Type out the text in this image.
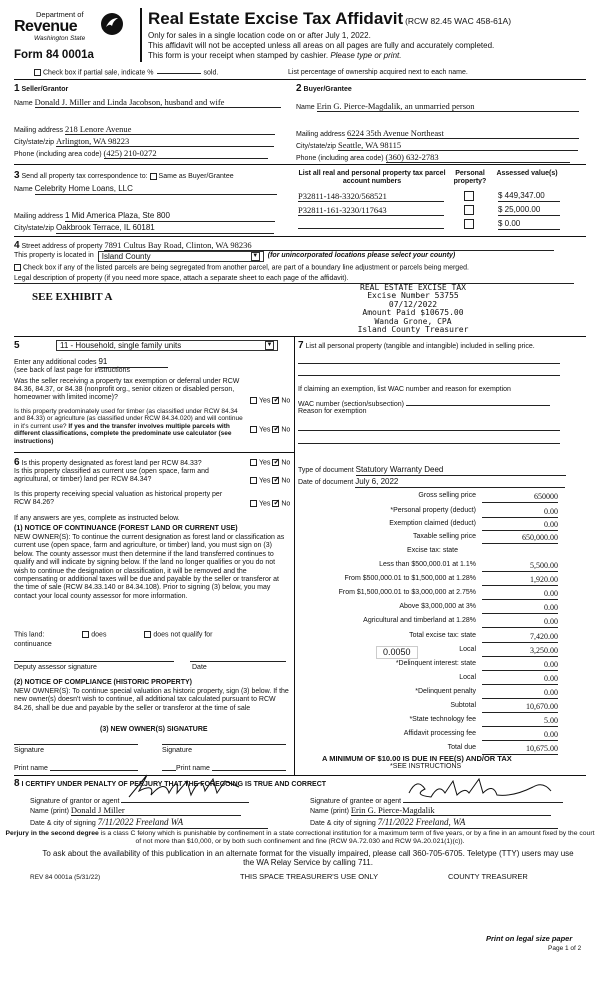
Department of
Revenue
Washington State
Form 84 0001a
Real Estate Excise Tax Affidavit (RCW 82.45 WAC 458-61A)
Only for sales in a single location code on or after July 1, 2022.
This affidavit will not be accepted unless all areas on all pages are fully and accurately completed.
This form is your receipt when stamped by cashier. Please type or print.
Check box if partial sale, indicate %	sold.	List percentage of ownership acquired next to each name.
1 Seller/Grantor
Name Donald J. Miller and Linda Jacobson, husband and wife
Mailing address 218 Lenore Avenue
City/state/zip Arlington, WA 98223
Phone (including area code) (425) 210-0272
2 Buyer/Grantee
Name Erin G. Pierce-Magdalik, an unmarried person
Mailing address 6224 35th Avenue Northeast
City/state/zip Seattle, WA 98115
Phone (including area code) (360) 632-2783
3 Send all property tax correspondence to: Same as Buyer/Grantee
Name Celebrity Home Loans, LLC
Mailing address 1 Mid America Plaza, Ste 800
City/state/zip Oakbrook Terrace, IL 60181
List all real and personal property tax parcel account numbers
Personal property?
Assessed value(s)
P32811-148-3320/568521	$ 449,347.00
P32811-161-3230/117643	$ 25,000.00
$ 0.00
4 Street address of property 7891 Cultus Bay Road, Clinton, WA 98236
This property is located in Island County	▼ (for unincorporated locations please select your county)
Check box if any of the listed parcels are being segregated from another parcel, are part of a boundary line adjustment or parcels being merged.
Legal description of property (if you need more space, attach a separate sheet to each page of the affidavit).
SEE EXHIBIT A
REAL ESTATE EXCISE TAX
Excise Number 53755
07/12/2022
Amount Paid $10675.00
Wanda Grone, CPA
Island County Treasurer
5	11 - Household, single family units	▼
Enter any additional codes 91
(see back of last page for instructions
Was the seller receiving a property tax exemption or deferral under RCW 84.36, 84.37, or 84.38 (nonprofit org., senior citizen or disabled person, homeowner with limited income)?	Yes ✓ No
Is this property predominately used for timber (as classified under RCW 84.34 and 84.33) or agriculture (as classified under RCW 84.34.020) and will continue in it's current use? If yes and the transfer involves multiple parcels with different classifications, complete the predominate use calculator (see instructions)
Yes ✓ No
6 Is this property designated as forest land per RCW 84.33?	Yes ✓ No
Is this property classified as current use (open space, farm and agricultural, or timber) land per RCW 84.34?	Yes ✓ No
Is this property receiving special valuation as historical property per RCW 84.26?	Yes ✓ No
If any answers are yes, complete as instructed below.
(1) NOTICE OF CONTINUANCE (FOREST LAND OR CURRENT USE)
NEW OWNER(S): To continue the current designation as forest land or classification as current use (open space, farm and agriculture, or timber) land, you must sign on (3) below. The county assessor must then determine if the land transferred continues to qualify and will indicate by signing below. If the land no longer qualifies or you do not wish to continue the designation or classification, it will be removed and the compensating or additional taxes will be due and payable by the seller or transferor at the time of sale (RCW 84.33.140 or 84.34.108). Prior to signing (3) below, you may contact your local county assessor for more information.
This land:	does	does not qualify for
continuance
Deputy assessor signature	Date
(2) NOTICE OF COMPLIANCE (HISTORIC PROPERTY)
NEW OWNER(S): To continue special valuation as historic property, sign (3) below. If the new owner(s) doesn't wish to continue, all additional tax calculated pursuant to RCW 84.26, shall be due and payable by the seller or transferor at the time of sale
(3) NEW OWNER(S) SIGNATURE
Signature	Signature
Print name	Print name
7 List all personal property (tangible and intangible) included in selling price.
If claiming an exemption, list WAC number and reason for exemption
WAC number (section/subsection)
Reason for exemption
Type of document Statutory Warranty Deed
Date of document July 6, 2022
Gross selling price	650000
*Personal property (deduct)	0.00
Exemption claimed (deduct)	0.00
Taxable selling price	650,000.00
Excise tax: state
Less than $500,000.01 at 1.1%	5,500.00
From $500,000.01 to $1,500,000 at 1.28%	1,920.00
From $1,500,000.01 to $3,000,000 at 2.75%	0.00
Above $3,000,000 at 3%	0.00
Agricultural and timberland at 1.28%	0.00
Total excise tax: state	7,420.00
0.0050	Local	3,250.00
*Delinquent interest: state	0.00
Local	0.00
*Delinquent penalty	0.00
Subtotal	10,670.00
*State technology fee	5.00
Affidavit processing fee	0.00
Total due	10,675.00
A MINIMUM OF $10.00 IS DUE IN FEE(S) AND/OR TAX
*SEE INSTRUCTIONS
8 I CERTIFY UNDER PENALTY OF PERJURY THAT THE FOREGOING IS TRUE AND CORRECT
Signature of grantor or agent
Name (print) Donald J Miller
Date & city of signing 7/11/2022 Freeland WA
Signature of grantee or agent
Name (print) Erin G. Pierce-Magdalik
Date & city of signing 7/11/2022 Freeland, WA
Perjury in the second degree is a class C felony which is punishable by confinement in a state correctional institution for a maximum term of five years, or by a fine in an amount fixed by the court of not more than $10,000, or by both such confinement and fine (RCW 9A.72.030 and RCW 9A.20.021(1)(c)).
To ask about the availability of this publication in an alternate format for the visually impaired, please call 360-705-6705. Teletype (TTY) users may use the WA Relay Service by calling 711.
REV 84 0001a (5/31/22)	THIS SPACE TREASURER'S USE ONLY	COUNTY TREASURER
Print on legal size paper
Page 1 of 2
